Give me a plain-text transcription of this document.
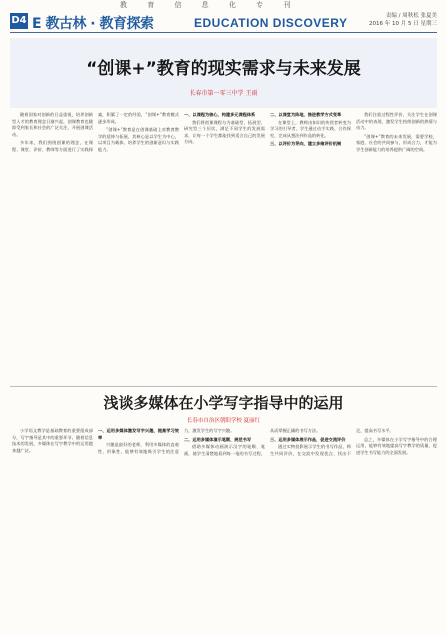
教 育 信 息 化 专 刊
D4 E 教古林 · 教育探索	EDUCATION DISCOVERY	责编 / 周秋松 张夏美
2016 年 10 月 5 日 星期三
“创课+”教育的现实需求与未来发展
长春市第一零三中学 王雨

随着国家对创新的日益重视，培养创新型人才的教育理念日渐兴起，创课教育也随即受到家长和社会的广泛关注，开展创课活动。

多年来，我们围绕创课的理念，在课程、课堂、评价、教师等方面进行了实践探索，积累了一定的经验，“创课+”教育模式逐步形成。

“创课+”教育是在创课基础上对教育教学的延伸与拓展，其核心是以学生为中心，以项目为载体，培养学生的创新意识与实践能力。

一、以课程为核心，构建多元课程体系

我们将创课课程分为基础型、拓展型、研究型三个层次，满足不同学生的发展需求，让每一个学生都能找到适合自己的发展方向。

二、以课堂为阵地，推进教学方式变革

在课堂上，教师由知识的传授者转变为学习的引导者，学生通过动手实践、合作探究，完成从想法到作品的转化。

三、以评价为导向，建立多维评价机制

我们注重过程性评价，关注学生在创课活动中的表现，激发学生持续创新的热情与动力。

“创课+”教育的未来发展，需要学校、家庭、社会的共同参与，形成合力，才能为学生创新能力的培养提供广阔的空间。

浅谈多媒体在小学写字指导中的运用
长春市自治区朝阳学校 夏丽红

小学语文教学是基础教育的重要组成部分，写字指导是其中的重要环节。随着信息技术的发展，多媒体在写字教学中的运用越来越广泛。

一、运用多媒体激发写字兴趣，提高学习效率

兴趣是最好的老师，利用多媒体的直观性、形象性，能够有效地吸引学生的注意力，激发学生的写字兴趣。

二、运用多媒体演示笔顺，规范书写

借助多媒体动画演示汉字的笔顺、笔画，使学生清楚地看到每一笔的书写过程，从而掌握正确的书写方法。

三、运用多媒体展示作品，促进交流评价

通过实物投影展示学生的书写作品，师生共同评价，在交流中发现优点、找出不足，提高书写水平。

总之，多媒体在小学写字指导中的合理运用，能够有效地提高写字教学的质量，促进学生书写能力的全面发展。
